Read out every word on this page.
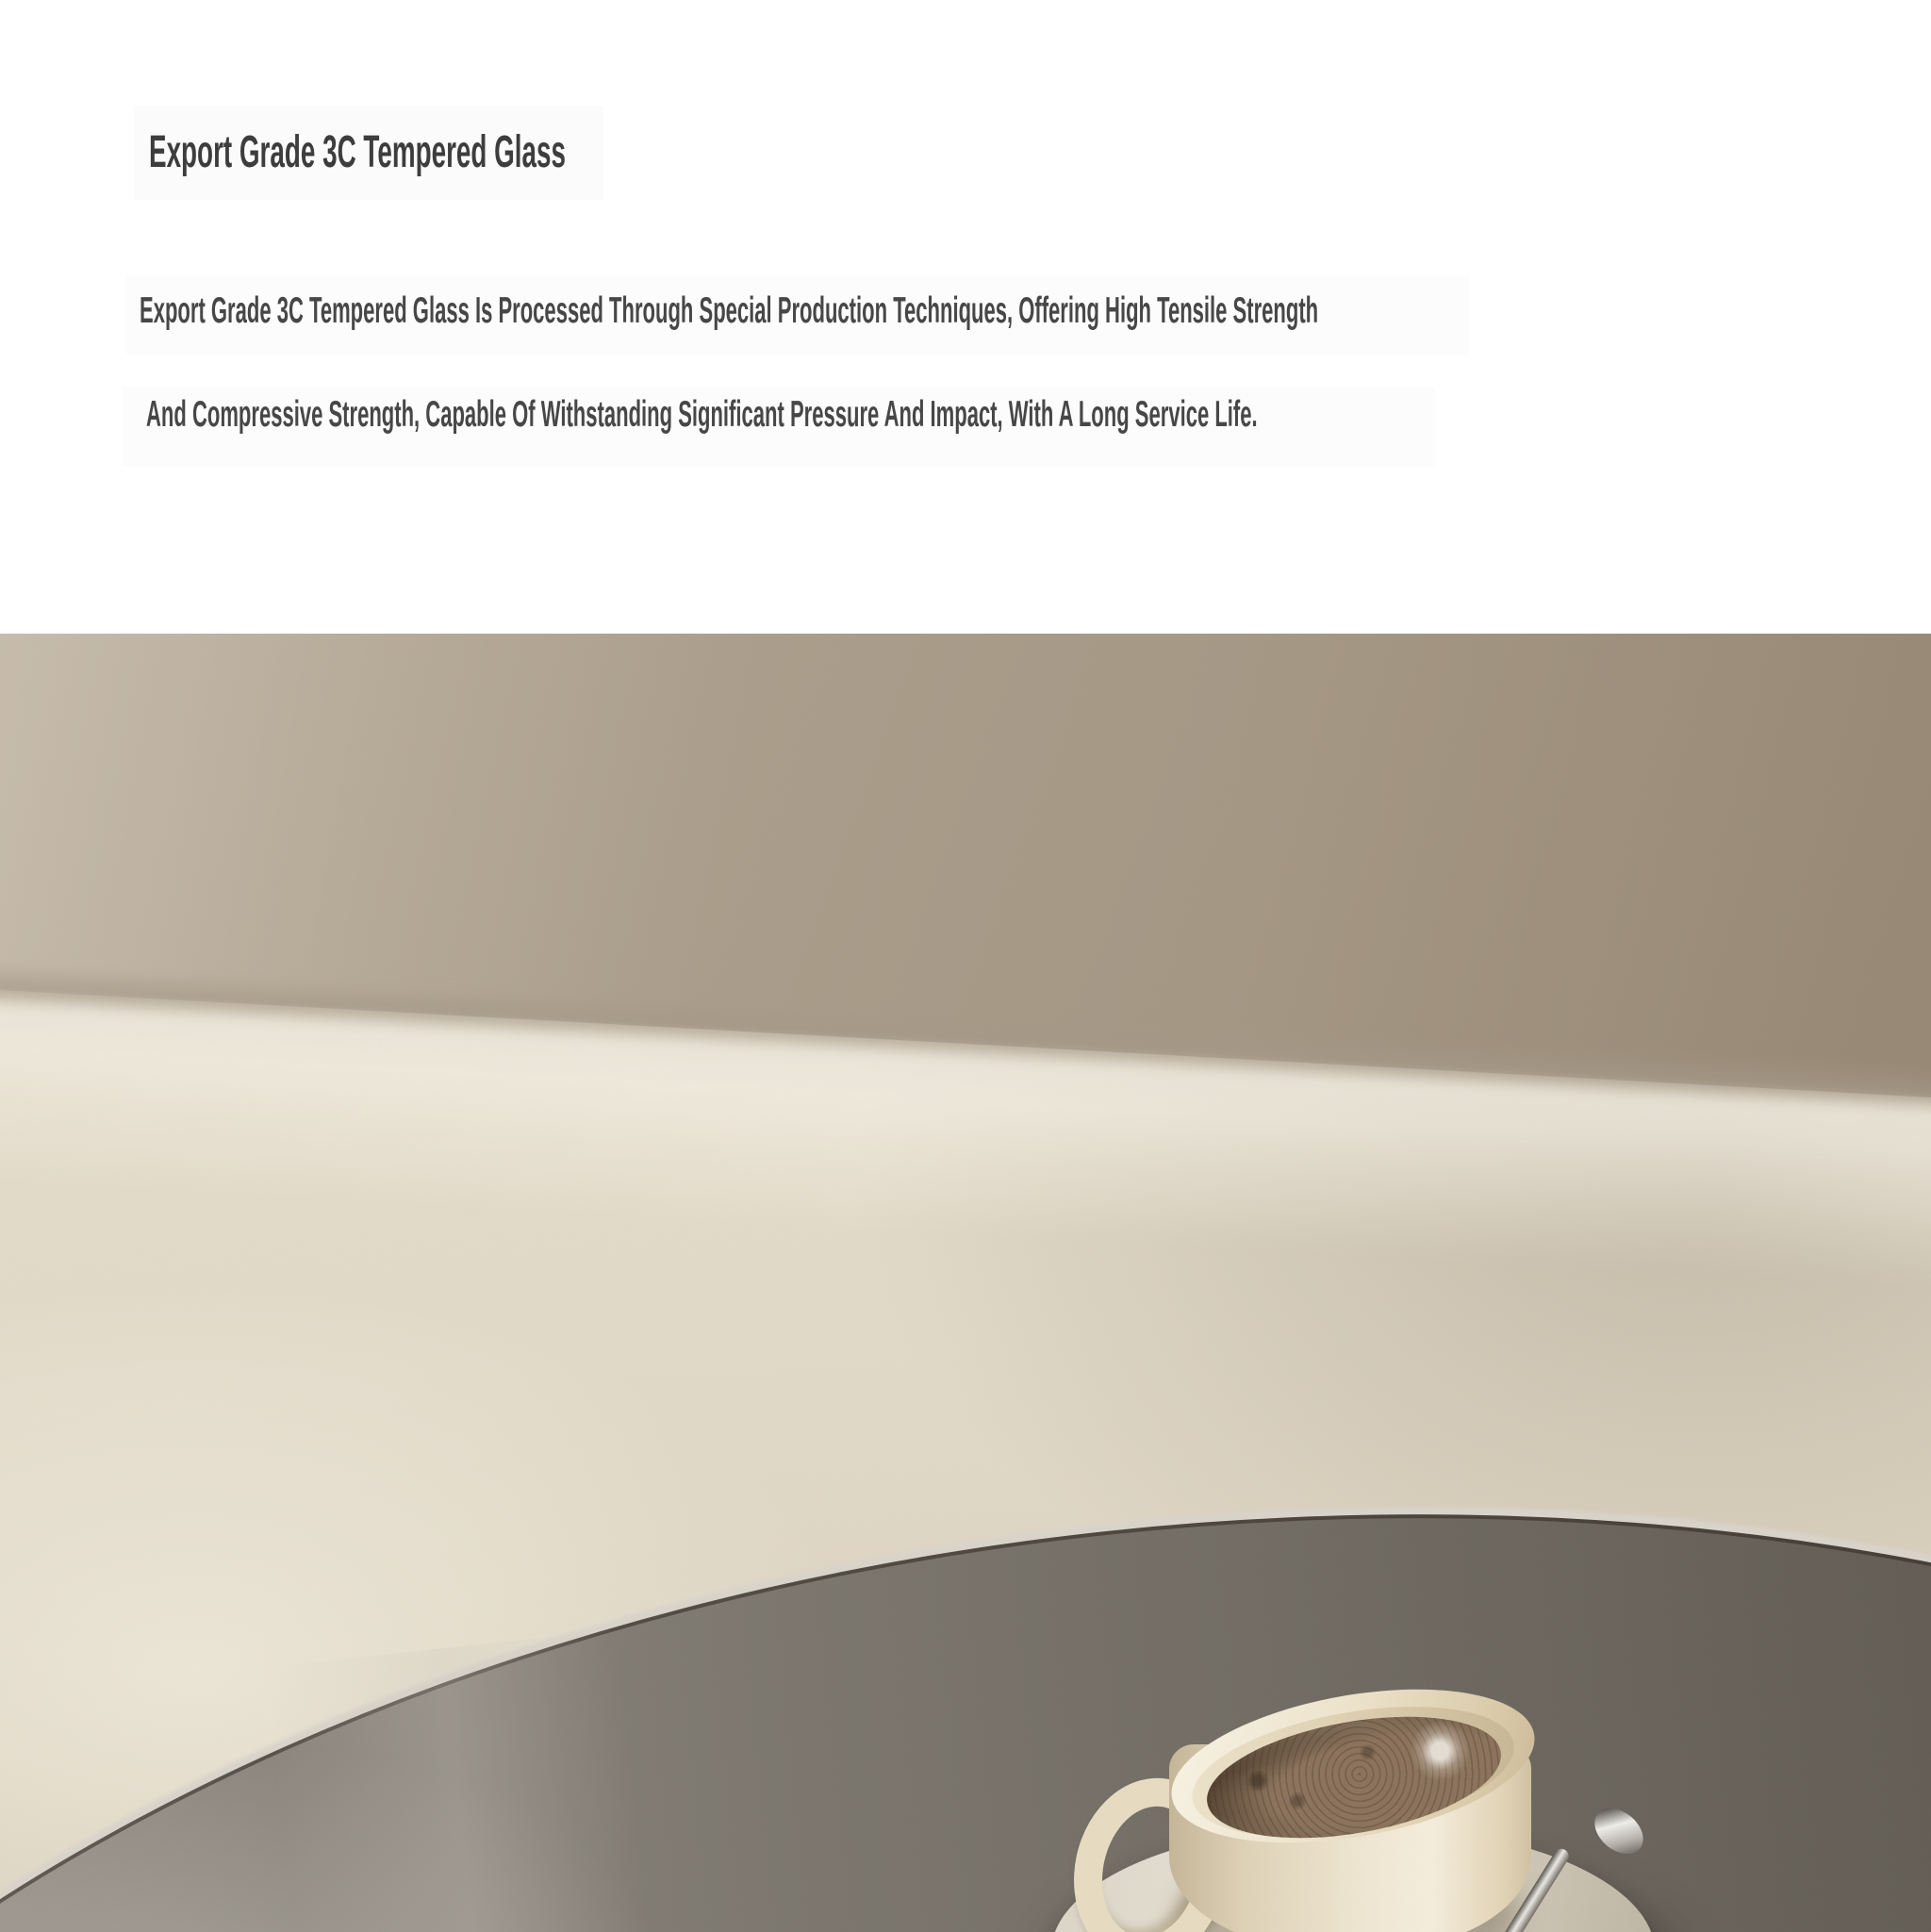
Export Grade 3C Tempered Glass
Export Grade 3C Tempered Glass Is Processed Through Special Production Techniques, Offering High Tensile Strength
And Compressive Strength, Capable Of Withstanding Significant Pressure And Impact, With A Long Service Life.
